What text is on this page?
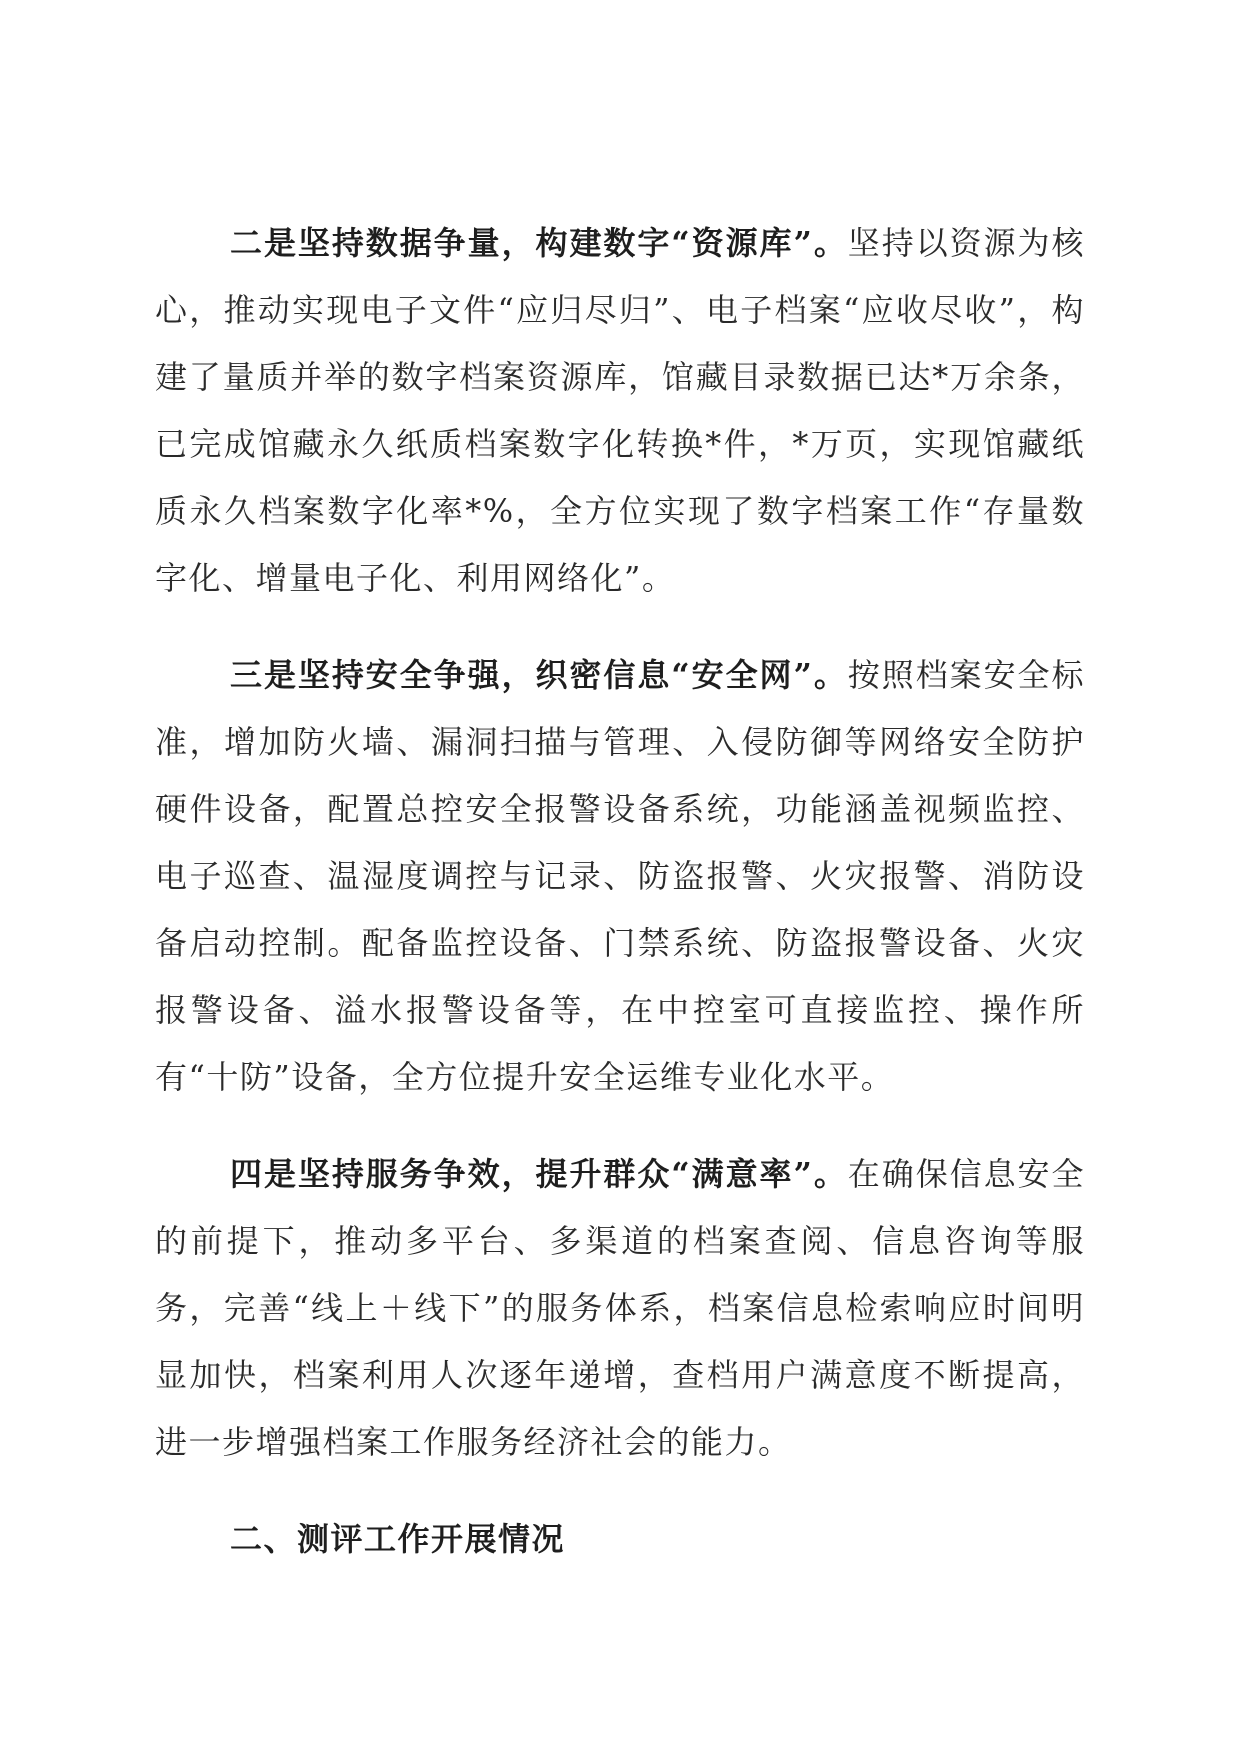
二是坚持数据争量，构建数字“资源库”。坚持以资源为核心，推动实现电子文件“应归尽归”、电子档案“应收尽收”，构建了量质并举的数字档案资源库，馆藏目录数据已达*万余条，已完成馆藏永久纸质档案数字化转换*件，*万页，实现馆藏纸质永久档案数字化率*%，全方位实现了数字档案工作“存量数字化、增量电子化、利用网络化”。

三是坚持安全争强，织密信息“安全网”。按照档案安全标准，增加防火墙、漏洞扫描与管理、入侵防御等网络安全防护硬件设备，配置总控安全报警设备系统，功能涵盖视频监控、电子巡查、温湿度调控与记录、防盗报警、火灾报警、消防设备启动控制。配备监控设备、门禁系统、防盗报警设备、火灾报警设备、溢水报警设备等，在中控室可直接监控、操作所有“十防”设备，全方位提升安全运维专业化水平。

四是坚持服务争效，提升群众“满意率”。在确保信息安全的前提下，推动多平台、多渠道的档案查阅、信息咨询等服务，完善“线上＋线下”的服务体系，档案信息检索响应时间明显加快，档案利用人次逐年递增，查档用户满意度不断提高，进一步增强档案工作服务经济社会的能力。

二、测评工作开展情况
